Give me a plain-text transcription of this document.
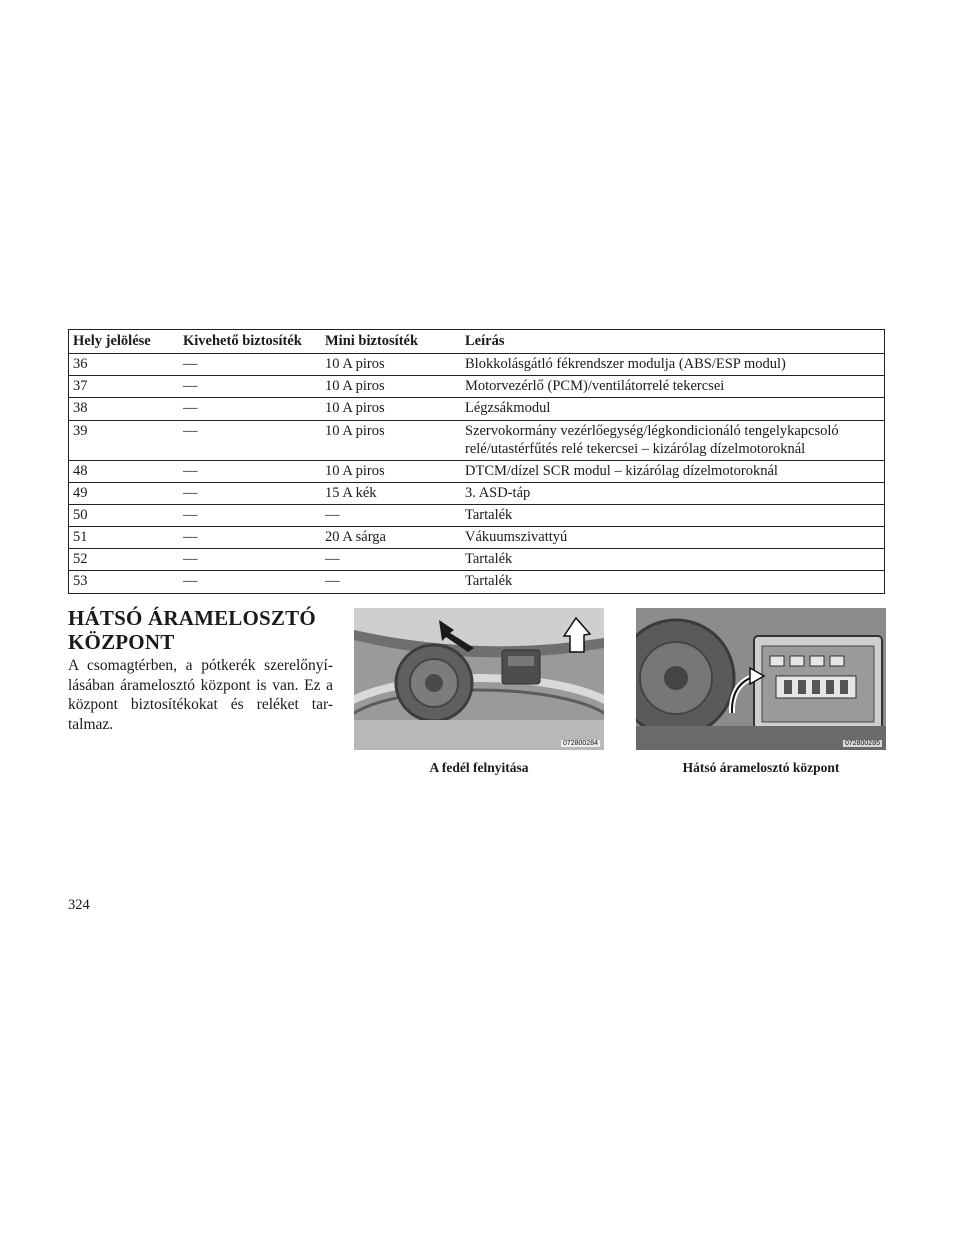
Hely jelölése	Kivehető biztosíték	Mini biztosíték	Leírás
36	—	10 A piros	Blokkolásgátló fékrendszer modulja (ABS/ESP modul)
37	—	10 A piros	Motorvezérlő (PCM)/ventilátorrelé tekercsei
38	—	10 A piros	Légzsákmodul
39	—	10 A piros	Szervokormány vezérlőegység/légkondicionáló tengelykapcsoló relé/utastérfűtés relé tekercsei – kizárólag dízelmotoroknál
48	—	10 A piros	DTCM/dízel SCR modul – kizárólag dízelmotoroknál
49	—	15 A kék	3. ASD-táp
50	—	—	Tartalék
51	—	20 A sárga	Vákuumszivattyú
52	—	—	Tartalék
53	—	—	Tartalék
HÁTSÓ ÁRAMELOSZTÓ
KÖZPONT

A csomagtérben, a pótkerék szerelőnyí-lásában áramelosztó központ is van. Ez a központ biztosítékokat és reléket tar-talmaz.

072800284	072800285
A fedél felnyitása	Hátsó áramelosztó központ
324
